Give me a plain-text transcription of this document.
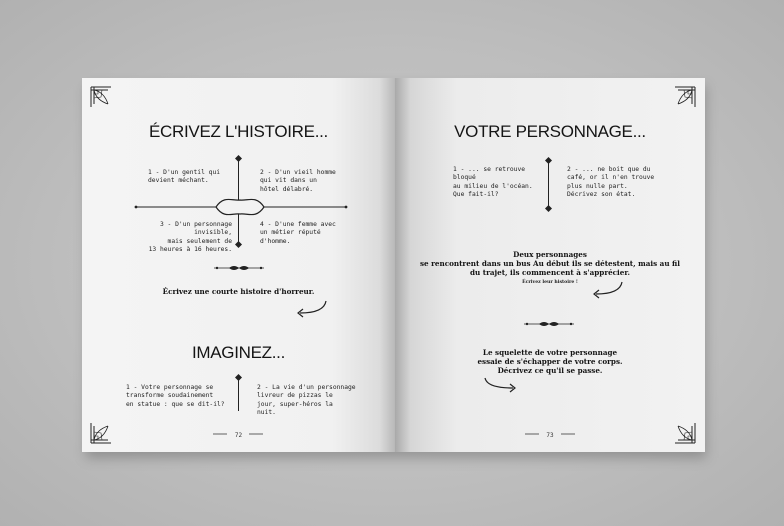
ÉCRIVEZ L'HISTOIRE...
1 - D'un gentil qui
devient méchant.
2 - D'un vieil homme
qui vit dans un
hôtel délabré.
3 - D'un personnage invisible,
mais seulement de
13 heures à 16 heures.
4 - D'une femme avec
un métier réputé
d'homme.
Écrivez une courte histoire d'horreur.
IMAGINEZ...
1 - Votre personnage se
transforme soudainement
en statue : que se dit-il?
2 - La vie d'un personnage
livreur de pizzas le
jour, super-héros la
nuit.
72
VOTRE PERSONNAGE...
1 - ... se retrouve bloqué
au milieu de l'océan.
Que fait-il?
2 - ... ne boit que du
café, or il n'en trouve
plus nulle part.
Décrivez son état.
Deux personnages
se rencontrent dans un bus Au début ils se détestent, mais au fil
du trajet, ils commencent à s'apprécier.
Écrivez leur histoire !
Le squelette de votre personnage
essaie de s'échapper de votre corps.
Décrivez ce qu'il se passe.
73
